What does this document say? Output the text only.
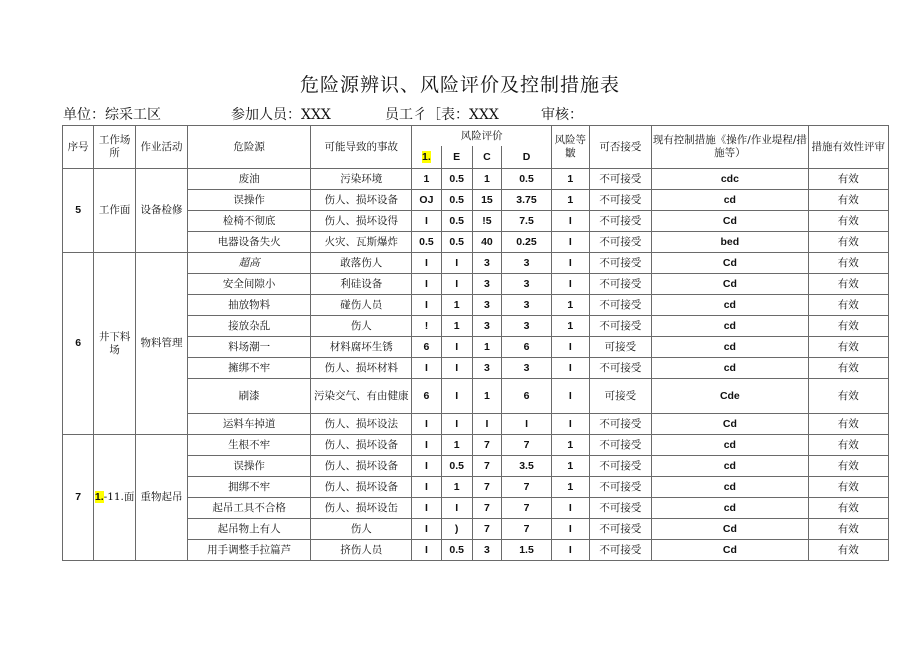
危险源辨识、风险评价及控制措施表
单位：综采工区	参加人员：XXX	员工彳［表：XXX	审核：
序号	工作场所	作业活动	危险源	可能导致的事故	风险评价				风险等皺	可否接受	现有控制措施《操作/作业堤程/措施等）	措施有效性评审
					1.	E	C	D				
5	工作面	设备检修	废油	污染环境	1	0.5	1	0.5	1	不可接受	cdc	有效
			误操作	伤人、损坏设备	OJ	0.5	15	3.75	1	不可接受	cd	有效
			检椅不彻底	伤人、损坏设得	I	0.5	!5	7.5	I	不可接受	Cd	有效
			电器设备失火	火灾、瓦斯爆炸	0.5	0.5	40	0.25	I	不可接受	bed	有效
6	井下料场	物料管理	超高	敢落伤人	I	I	3	3	I	不可接受	Cd	有效
			安全间隙小	利硅设备	I	I	3	3	I	不可接受	Cd	有效
			抽放物料	碰伤人员	I	1	3	3	1	不可接受	cd	有效
			接放杂乱	伤人	!	1	3	3	1	不可接受	cd	有效
			料场潮一	材料腐坏生锈	6	I	1	6	I	可接受	cd	有效
			擁绑不牢	伤人、损坏材料	I	I	3	3	I	不可接受	cd	有效
			刷漆	污染交气、有由健康	6	I	1	6	I	可接受	Cde	有效
			运料车掉道	伤人、损坏设法	I	I	I	I	I	不可接受	Cd	有效
7	1.-11.面	重物起吊	生根不牢	伤人、损坏设备	I	1	7	7	1	不可接受	cd	有效
			误操作	伤人、损坏设备	I	0.5	7	3.5	1	不可接受	cd	有效
			拥绑不牢	伤人、损坏设备	I	1	7	7	1	不可接受	cd	有效
			起吊工具不合格	伤人、损坏设缶	I	I	7	7	I	不可接受	cd	有效
			起吊物上有人	伤人	I	)	7	7	I	不可接受	Cd	有效
			用手调整手拉篇芦	挤伤人员	I	0.5	3	1.5	I	不可接受	Cd	有效
